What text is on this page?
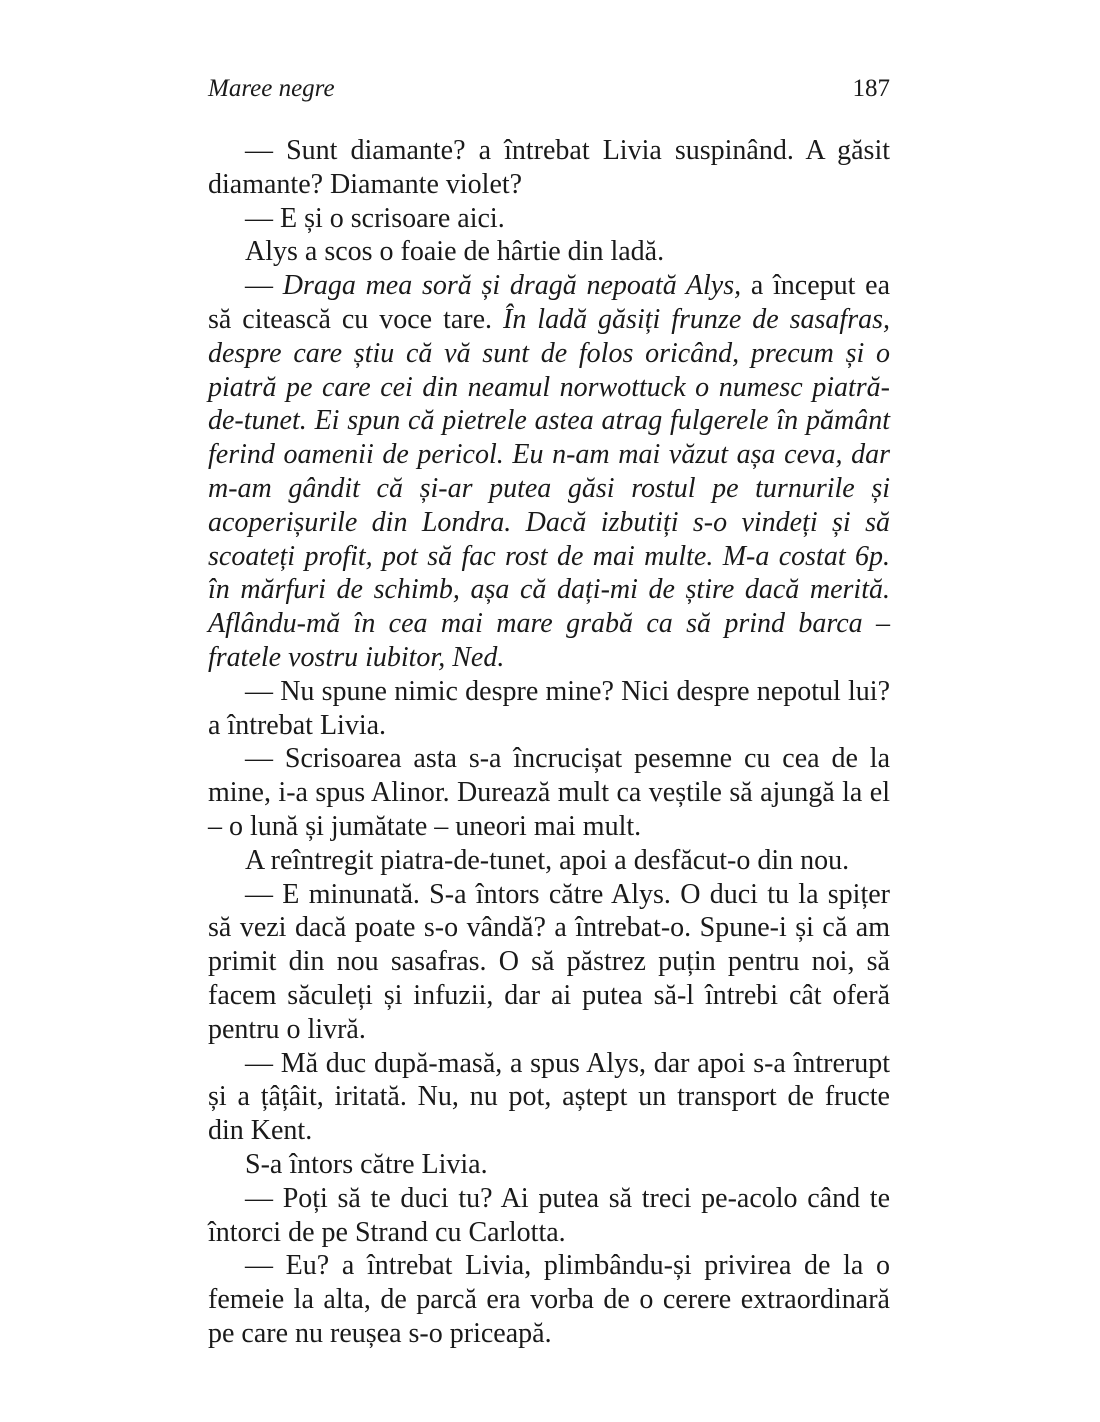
Maree negre	187

— Sunt diamante? a întrebat Livia suspinând. A găsit diamante? Diamante violet?

— E și o scrisoare aici.

Alys a scos o foaie de hârtie din ladă.

— Draga mea soră și dragă nepoată Alys, a început ea să citească cu voce tare. În ladă găsiți frunze de sasafras, despre care știu că vă sunt de folos oricând, precum și o piatră pe care cei din neamul norwottuck o numesc piatră-de-tunet. Ei spun că pietrele astea atrag fulgerele în pământ ferind oamenii de pericol. Eu n-am mai văzut așa ceva, dar m-am gândit că și-ar putea găsi rostul pe turnurile și acoperișurile din Londra. Dacă izbutiți s-o vindeți și să scoateți profit, pot să fac rost de mai multe. M-a costat 6p. în mărfuri de schimb, așa că dați-mi de știre dacă merită. Aflându-mă în cea mai mare grabă ca să prind barca – fratele vostru iubitor, Ned.

— Nu spune nimic despre mine? Nici despre nepotul lui? a întrebat Livia.

— Scrisoarea asta s-a încrucișat pesemne cu cea de la mine, i-a spus Alinor. Durează mult ca veștile să ajungă la el – o lună și jumătate – uneori mai mult.

A reîntregit piatra-de-tunet, apoi a desfăcut-o din nou.

— E minunată. S-a întors către Alys. O duci tu la spițer să vezi dacă poate s-o vândă? a întrebat-o. Spune-i și că am primit din nou sasafras. O să păstrez puțin pentru noi, să facem săculeți și infuzii, dar ai putea să-l întrebi cât oferă pentru o livră.

— Mă duc după-masă, a spus Alys, dar apoi s-a întrerupt și a țâțâit, iritată. Nu, nu pot, aștept un transport de fructe din Kent.

S-a întors către Livia.

— Poți să te duci tu? Ai putea să treci pe-acolo când te întorci de pe Strand cu Carlotta.

— Eu? a întrebat Livia, plimbându-și privirea de la o femeie la alta, de parcă era vorba de o cerere extraordinară pe care nu reușea s-o priceapă.
